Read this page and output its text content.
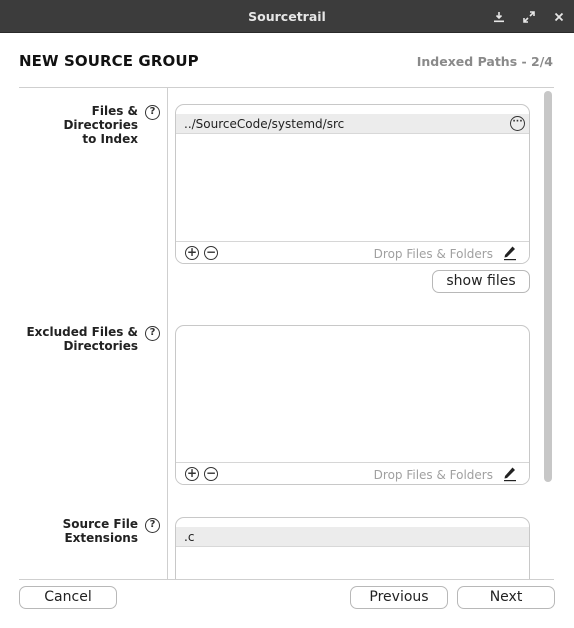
Sourcetrail
NEW SOURCE GROUP	Indexed Paths - 2/4
Files & Directories
to Index
?
../SourceCode/systemd/src	···
+ −	Drop Files & Folders
show files
Excluded Files &
Directories
?
+ −	Drop Files & Folders
Source File
Extensions
?
.c
Cancel	Previous	Next
